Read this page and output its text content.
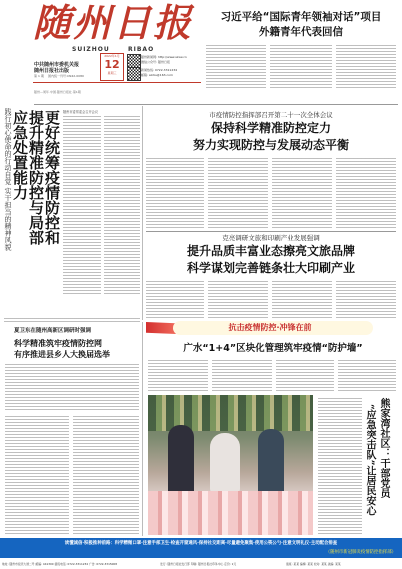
随州日报
SUIZHOU	RIBAO
2022年1月
12
星期三
中共随州市委机关报
随州日报社出版
第 1 期 国内统一刊号:CN42-0080
随州新闻网: http://www.szxw.cn
微信公众号: 随州日报
新闻热线: 0722-3311234
邮箱: szrbs@163.com
随州—周年·中国·随州日报社·第1期
习近平给“国际青年领袖对话”项目
外籍青年代表回信
践行初心使命的行动自觉 实干担当的精神风貌 更好统筹疫情防控和
提升精准防控与局部
应急处置能力	随州市委常委会召开会议	市疫情防控指挥部召开第二十一次全体会议
保持科学精准防控定力
努力实现防控与发展动态平衡
克亮调研文旅和印刷产业发展强调
提升品质丰富业态擦亮文旅品牌
科学谋划完善链条壮大印刷产业
抗击疫情防控·冲锋在前
夏卫东在随州高新区调研时强调
科学精准筑牢疫情防控网
有序推进县乡人大换届选举
广水“1+4”区块化管理筑牢疫情“防护墙”
熊家湾社区：干部党员
“应急突击队”让居民安心
读懂诚信·积极推种前路：科学精微口罩·注意手部卫生·检查开窗通风·保持社交距离·尽量避免聚集·使用公筷公勺·注意文明礼仪·主动配合排查
（随州市新冠肺炎疫情防控指挥部）
地址: 随州市迎宾大道二号 邮编: 441300 值班电话: 0722-3311234 广告: 0722-3315008	发行: 随州日报社发行部 印刷: 随州日报社印务中心 定价: 1元	值班: 某某 编辑: 某某 校对: 某某 美编: 某某
